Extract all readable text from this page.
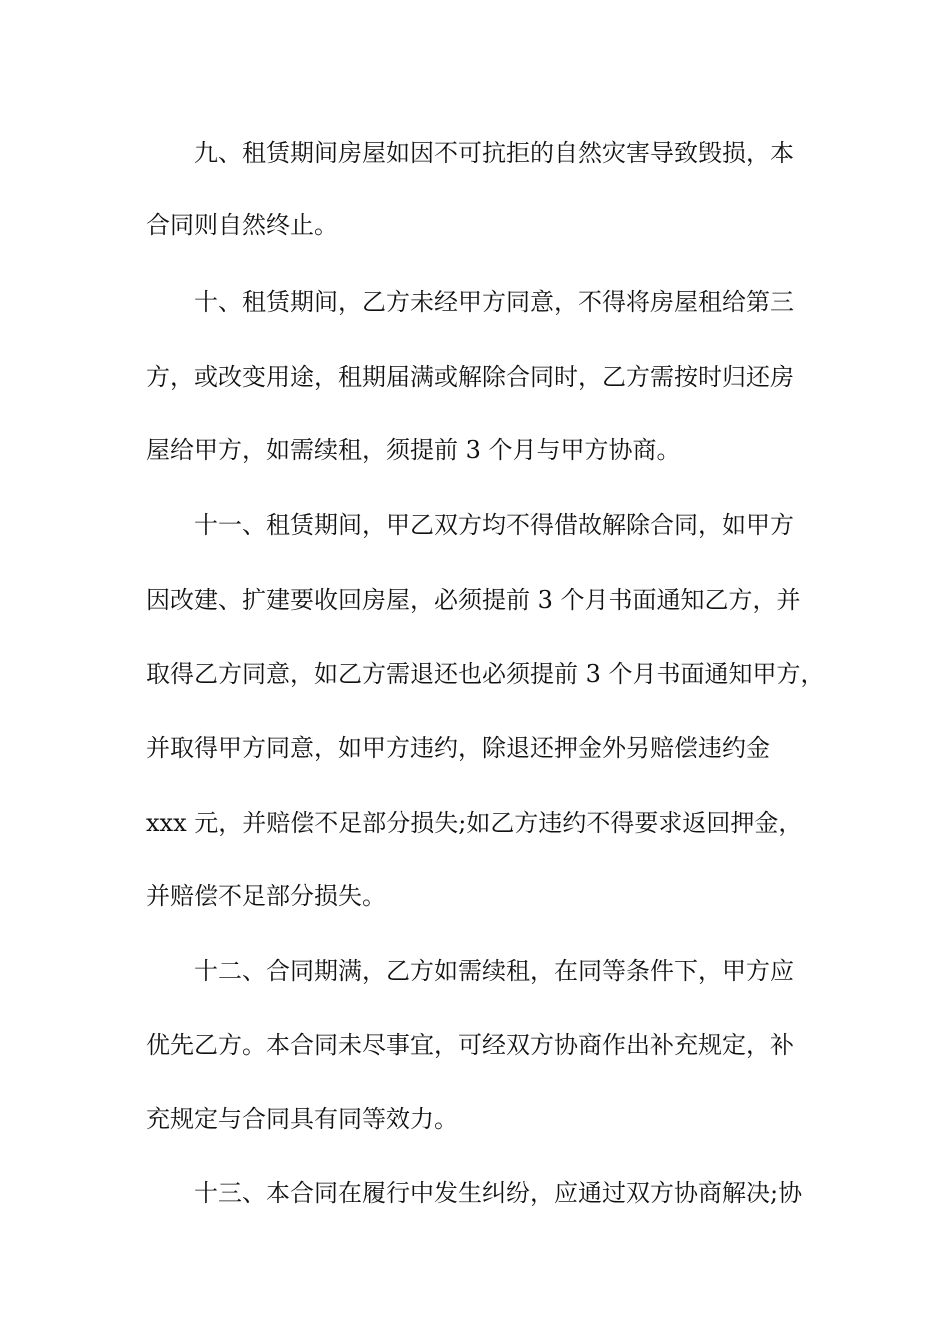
九、租赁期间房屋如因不可抗拒的自然灾害导致毁损，本
合同则自然终止。
十、租赁期间，乙方未经甲方同意，不得将房屋租给第三
方，或改变用途，租期届满或解除合同时，乙方需按时归还房
屋给甲方，如需续租，须提前 3 个月与甲方协商。
十一、租赁期间，甲乙双方均不得借故解除合同，如甲方
因改建、扩建要收回房屋，必须提前 3 个月书面通知乙方，并
取得乙方同意，如乙方需退还也必须提前 3 个月书面通知甲方，
并取得甲方同意，如甲方违约，除退还押金外另赔偿违约金
xxx 元，并赔偿不足部分损失;如乙方违约不得要求返回押金，
并赔偿不足部分损失。
十二、合同期满，乙方如需续租，在同等条件下，甲方应
优先乙方。本合同未尽事宜，可经双方协商作出补充规定，补
充规定与合同具有同等效力。
十三、本合同在履行中发生纠纷，应通过双方协商解决;协
